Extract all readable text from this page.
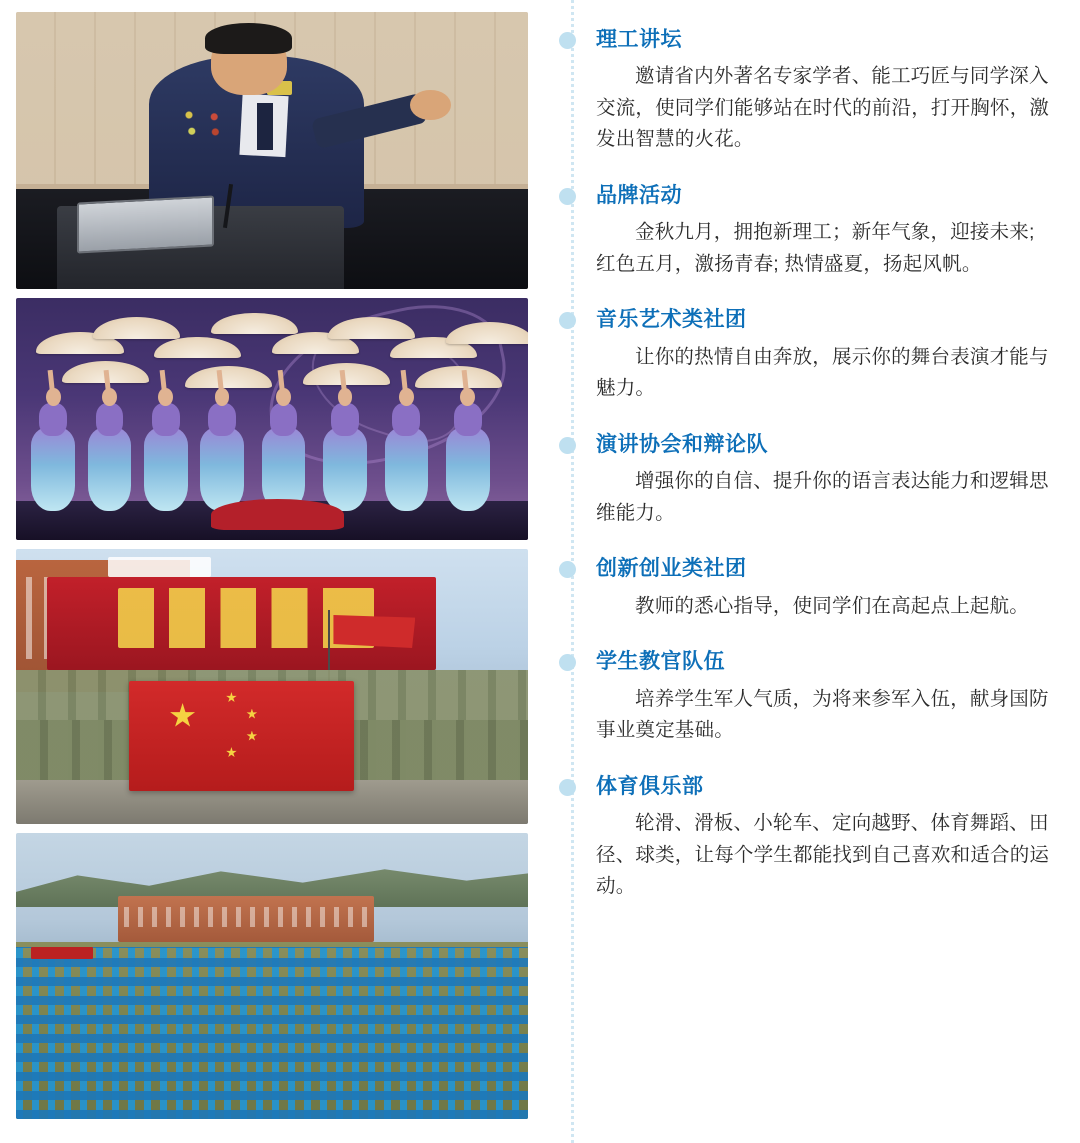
理工讲坛

邀请省内外著名专家学者、能工巧匠与同学深入交流，使同学们能够站在时代的前沿，打开胸怀，激发出智慧的火花。

品牌活动

金秋九月，拥抱新理工；新年气象，迎接未来; 红色五月，激扬青春; 热情盛夏，扬起风帆。

音乐艺术类社团

让你的热情自由奔放，展示你的舞台表演才能与魅力。

演讲协会和辩论队

增强你的自信、提升你的语言表达能力和逻辑思维能力。

创新创业类社团

教师的悉心指导，使同学们在高起点上起航。

学生教官队伍

培养学生军人气质，为将来参军入伍，献身国防事业奠定基础。

体育俱乐部

轮滑、滑板、小轮车、定向越野、体育舞蹈、田径、球类，让每个学生都能找到自己喜欢和适合的运动。
